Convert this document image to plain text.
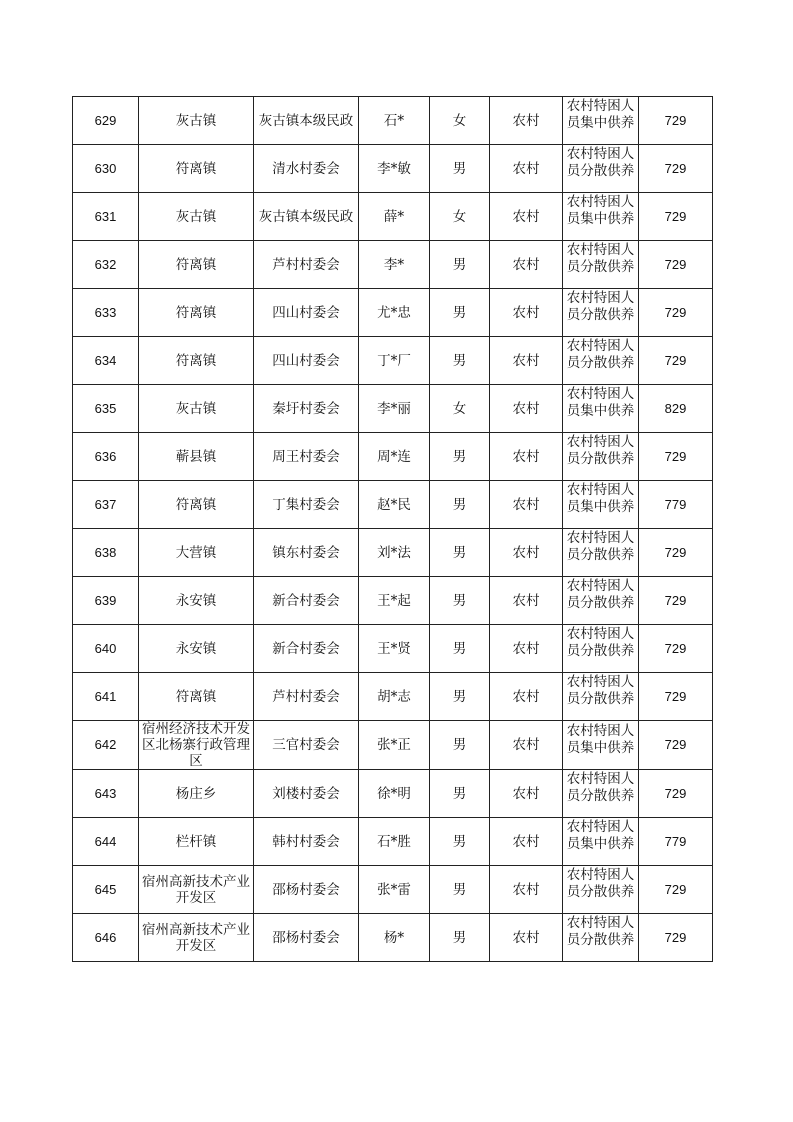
629	灰古镇	灰古镇本级民政	石*	女	农村	农村特困人员集中供养	729

630	符离镇	清水村委会	李*敏	男	农村	农村特困人员分散供养	729

631	灰古镇	灰古镇本级民政	薛*	女	农村	农村特困人员集中供养	729

632	符离镇	芦村村委会	李*	男	农村	农村特困人员分散供养	729

633	符离镇	四山村委会	尤*忠	男	农村	农村特困人员分散供养	729

634	符离镇	四山村委会	丁*厂	男	农村	农村特困人员分散供养	729

635	灰古镇	秦圩村委会	李*丽	女	农村	农村特困人员集中供养	829

636	蕲县镇	周王村委会	周*连	男	农村	农村特困人员分散供养	729

637	符离镇	丁集村委会	赵*民	男	农村	农村特困人员集中供养	779

638	大营镇	镇东村委会	刘*法	男	农村	农村特困人员分散供养	729

639	永安镇	新合村委会	王*起	男	农村	农村特困人员分散供养	729

640	永安镇	新合村委会	王*贤	男	农村	农村特困人员分散供养	729

641	符离镇	芦村村委会	胡*志	男	农村	农村特困人员分散供养	729

642	宿州经济技术开发区北杨寨行政管理区	三官村委会	张*正	男	农村	农村特困人员集中供养	729

643	杨庄乡	刘楼村委会	徐*明	男	农村	农村特困人员分散供养	729

644	栏杆镇	韩村村委会	石*胜	男	农村	农村特困人员集中供养	779

645	宿州高新技术产业开发区	邵杨村委会	张*雷	男	农村	农村特困人员分散供养	729

646	宿州高新技术产业开发区	邵杨村委会	杨*	男	农村	农村特困人员分散供养	729
